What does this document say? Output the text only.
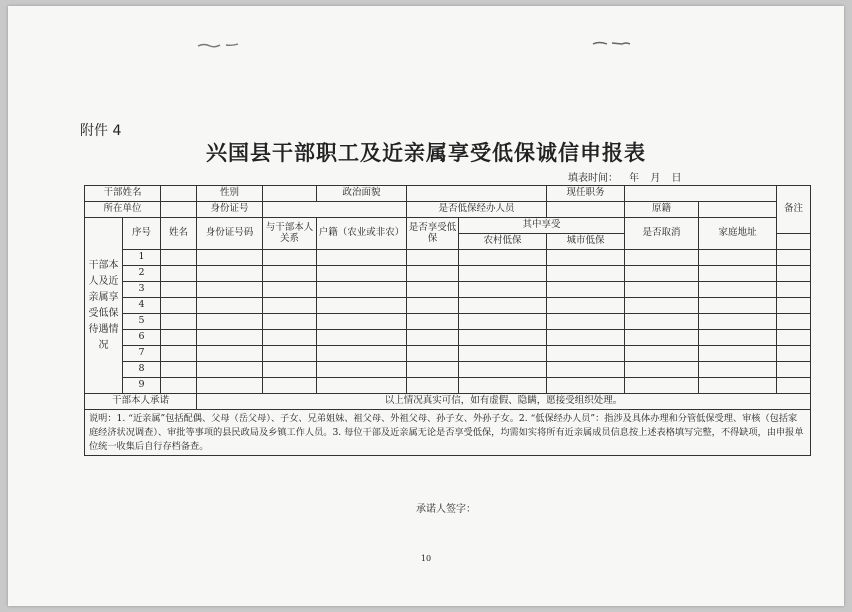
附件 4
兴国县干部职工及近亲属享受低保诚信申报表
填表时间： 年 月 日
干部姓名			性别		政治面貌			现任职务			备注
所在单位			身份证号			是否低保经办人员			原籍		
干部本人及近亲属享受低保待遇情况	序号	姓名	身份证号码	与干部本人关系	户籍（农业或非农）	是否享受低保	其中享受		是否取消	家庭地址	
							农村低保	城市低保			
	1										
	2										
	3										
	4										
	5										
	6										
	7										
	8										
	9										
干部本人承诺			以上情况真实可信，如有虚假、隐瞒，愿接受组织处理。								
说明：1. “近亲属”包括配偶、父母（岳父母）、子女、兄弟姐妹、祖父母、外祖父母、孙子女、外孙子女。2. “低保经办人员”：指涉及具体办理和分管低保受理、审核（包括家庭经济状况调查）、审批等事项的县民政局及乡镇工作人员。3. 每位干部及近亲属无论是否享受低保，均需如实将所有近亲属成员信息按上述表格填写完整，不得缺项，由申报单位统一收集后自行存档备查。											
承诺人签字：
10
